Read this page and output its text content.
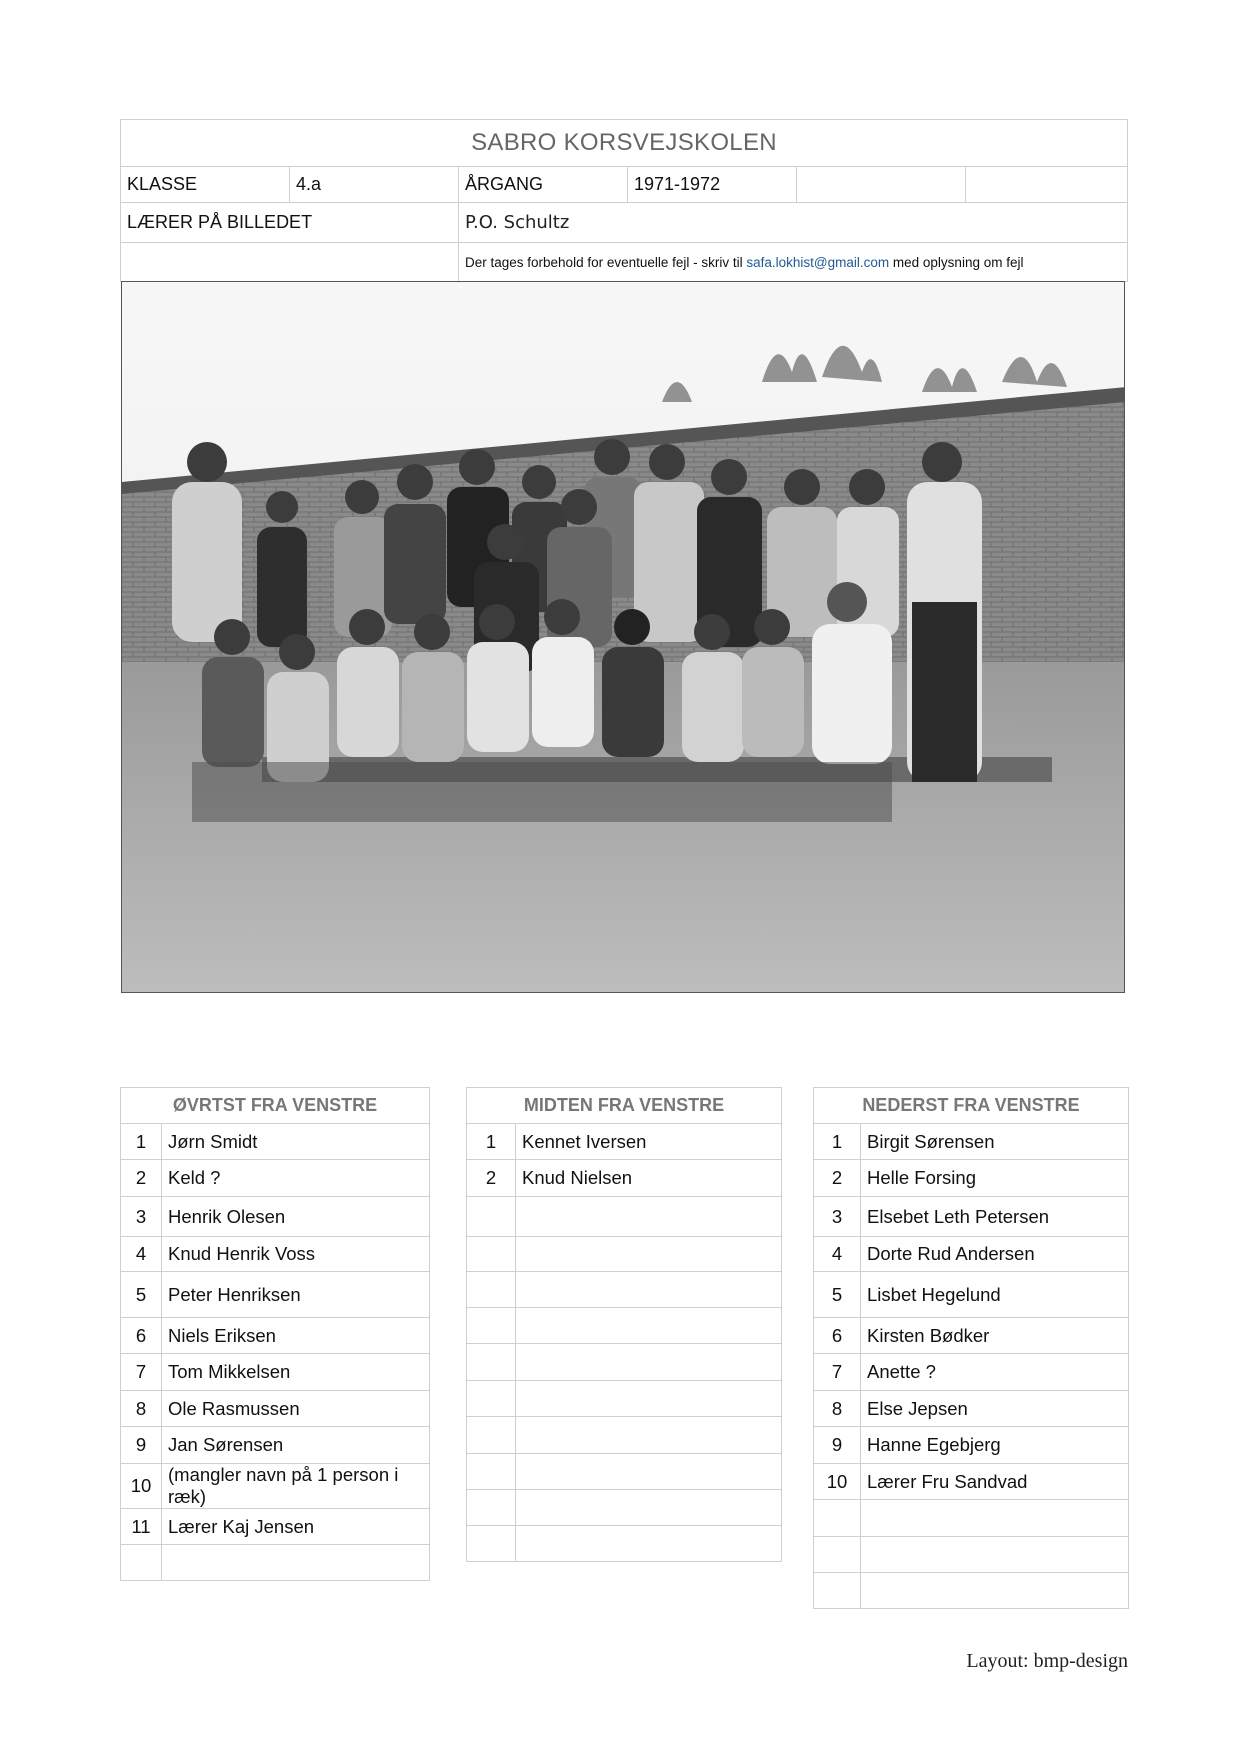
SABRO KORSVEJSKOLEN					
KLASSE	4.a	ÅRGANG	1971-1972		
LÆRER PÅ BILLEDET		P.O. Schultz			
		Der tages forbehold for eventuelle fejl - skriv til safa.lokhist@gmail.com med oplysning om fejl			
ØVRTST FRA VENSTRE	
1	Jørn Smidt
2	Keld ?
3	Henrik Olesen
4	Knud Henrik Voss
5	Peter Henriksen
6	Niels Eriksen
7	Tom Mikkelsen
8	Ole Rasmussen
9	Jan Sørensen
10	(mangler navn på 1 person i ræk)
11	Lærer Kaj Jensen

MIDTEN FRA VENSTRE	
1	Kennet Iversen
2	Knud Nielsen

NEDERST FRA VENSTRE	
1	Birgit Sørensen
2	Helle Forsing
3	Elsebet Leth Petersen
4	Dorte Rud Andersen
5	Lisbet Hegelund
6	Kirsten Bødker
7	Anette ?
8	Else Jepsen
9	Hanne Egebjerg
10	Lærer Fru Sandvad

Layout: bmp-design
